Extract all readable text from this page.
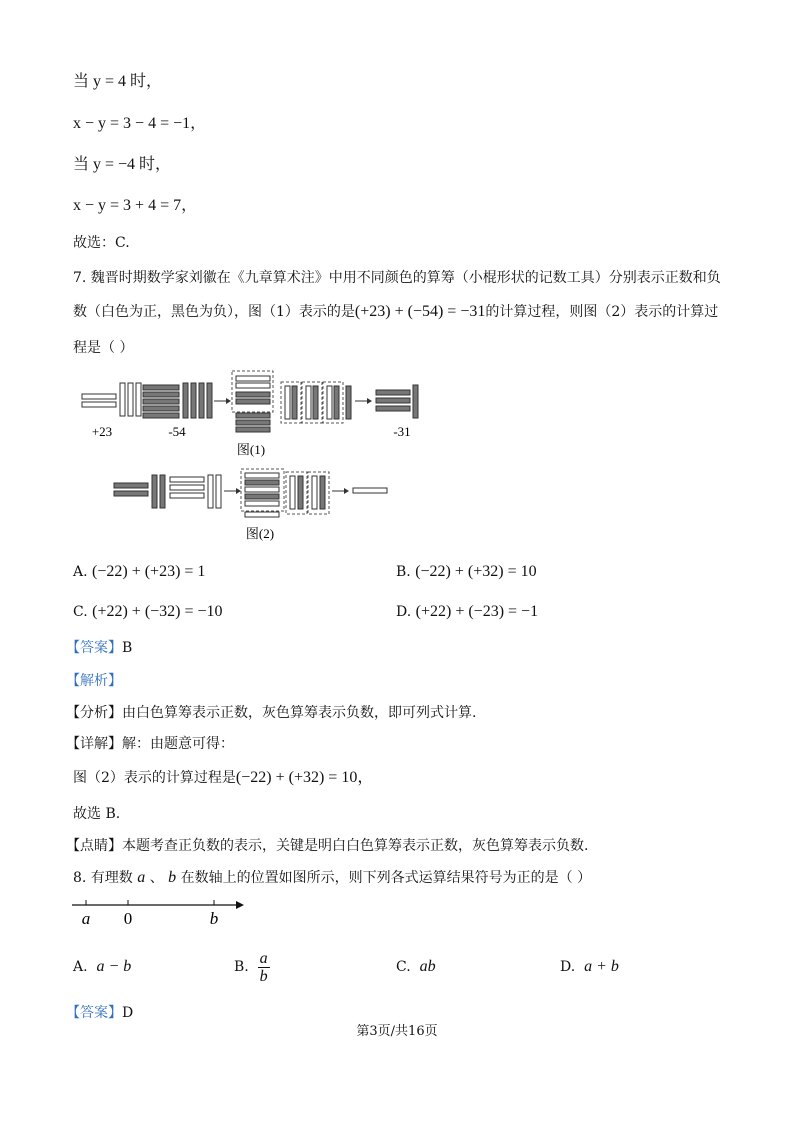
当 y = 4 时，
x − y = 3 − 4 = −1，
当 y = −4 时，
x − y = 3 + 4 = 7，
故选：C.
7. 魏晋时期数学家刘徽在《九章算术注》中用不同颜色的算筹（小棍形状的记数工具）分别表示正数和负
数（白色为正，黑色为负），图（1）表示的是(+23) + (−54) = −31的计算过程，则图（2）表示的计算过
程是（ ）
+23	-54	-31
图(1)
图(2)
A. (−22) + (+23) = 1	B. (−22) + (+32) = 10
C. (+22) + (−32) = −10	D. (+22) + (−23) = −1
【答案】B
【解析】
【分析】由白色算筹表示正数，灰色算筹表示负数，即可列式计算.
【详解】解：由题意可得：
图（2）表示的计算过程是(−22) + (+32) = 10，
故选 B.
【点睛】本题考查正负数的表示，关键是明白白色算筹表示正数，灰色算筹表示负数.
8. 有理数 a 、 b 在数轴上的位置如图所示，则下列各式运算结果符号为正的是（ ）
a 0	b
A. a − b	B. $\frac{a}{b}$	C. ab	D. a + b
【答案】D
第3页/共16页
